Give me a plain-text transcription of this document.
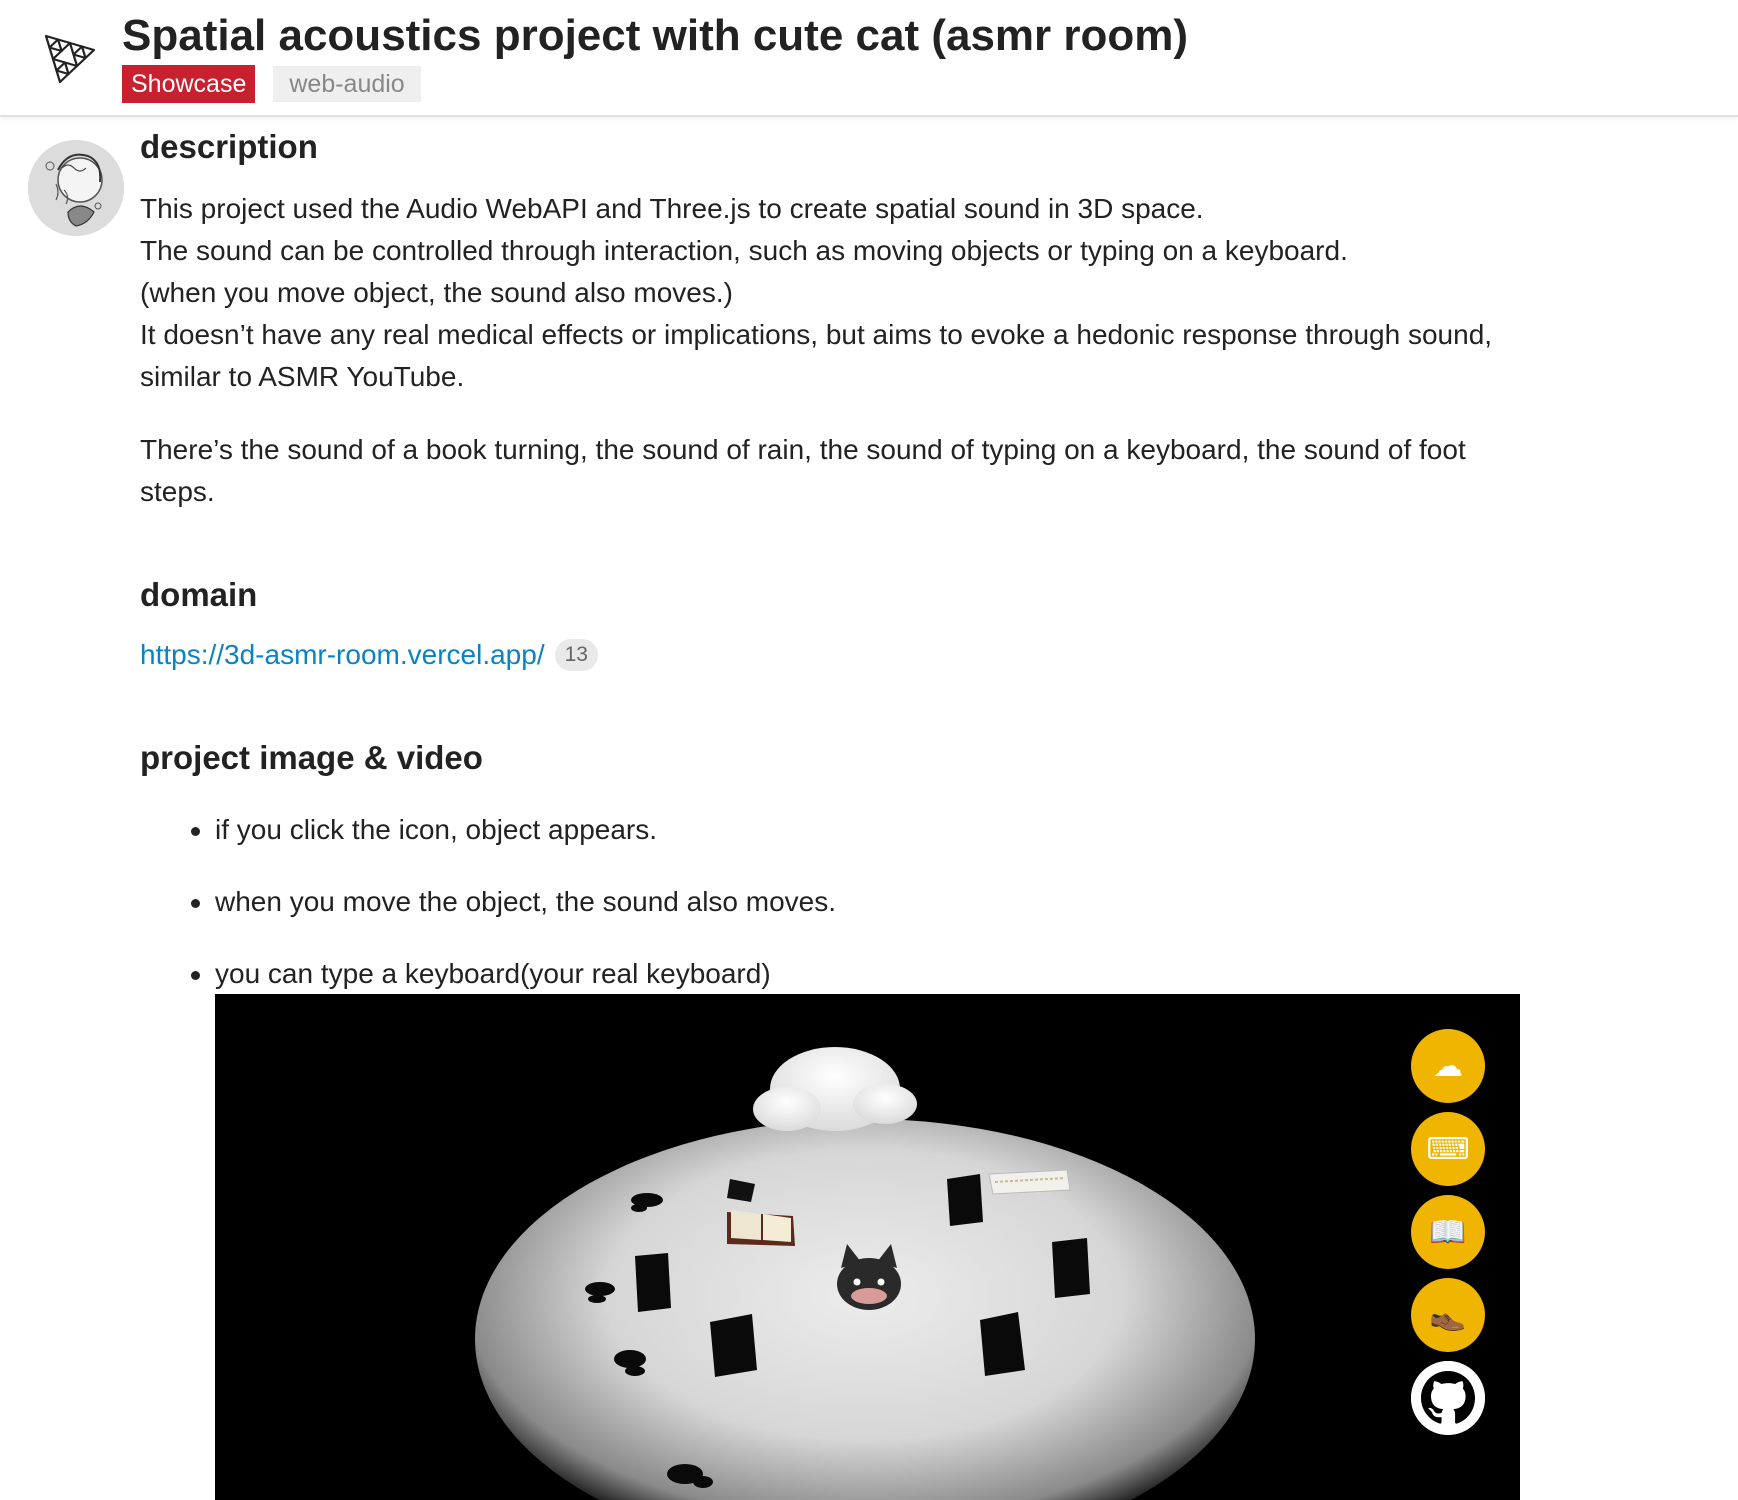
Spatial acoustics project with cute cat (asmr room)
Showcase	web-audio
description

This project used the Audio WebAPI and Three.js to create spatial sound in 3D space.
The sound can be controlled through interaction, such as moving objects or typing on a keyboard.
(when you move object, the sound also moves.)
It doesn’t have any real medical effects or implications, but aims to evoke a hedonic response through sound, similar to ASMR YouTube.

There’s the sound of a book turning, the sound of rain, the sound of typing on a keyboard, the sound of foot steps.

domain
https://3d-asmr-room.vercel.app/ 13
project image & video
if you click the icon, object appears.
when you move the object, the sound also moves.
you can type a keyboard(your real keyboard)
☁
⌨
📖
👞
